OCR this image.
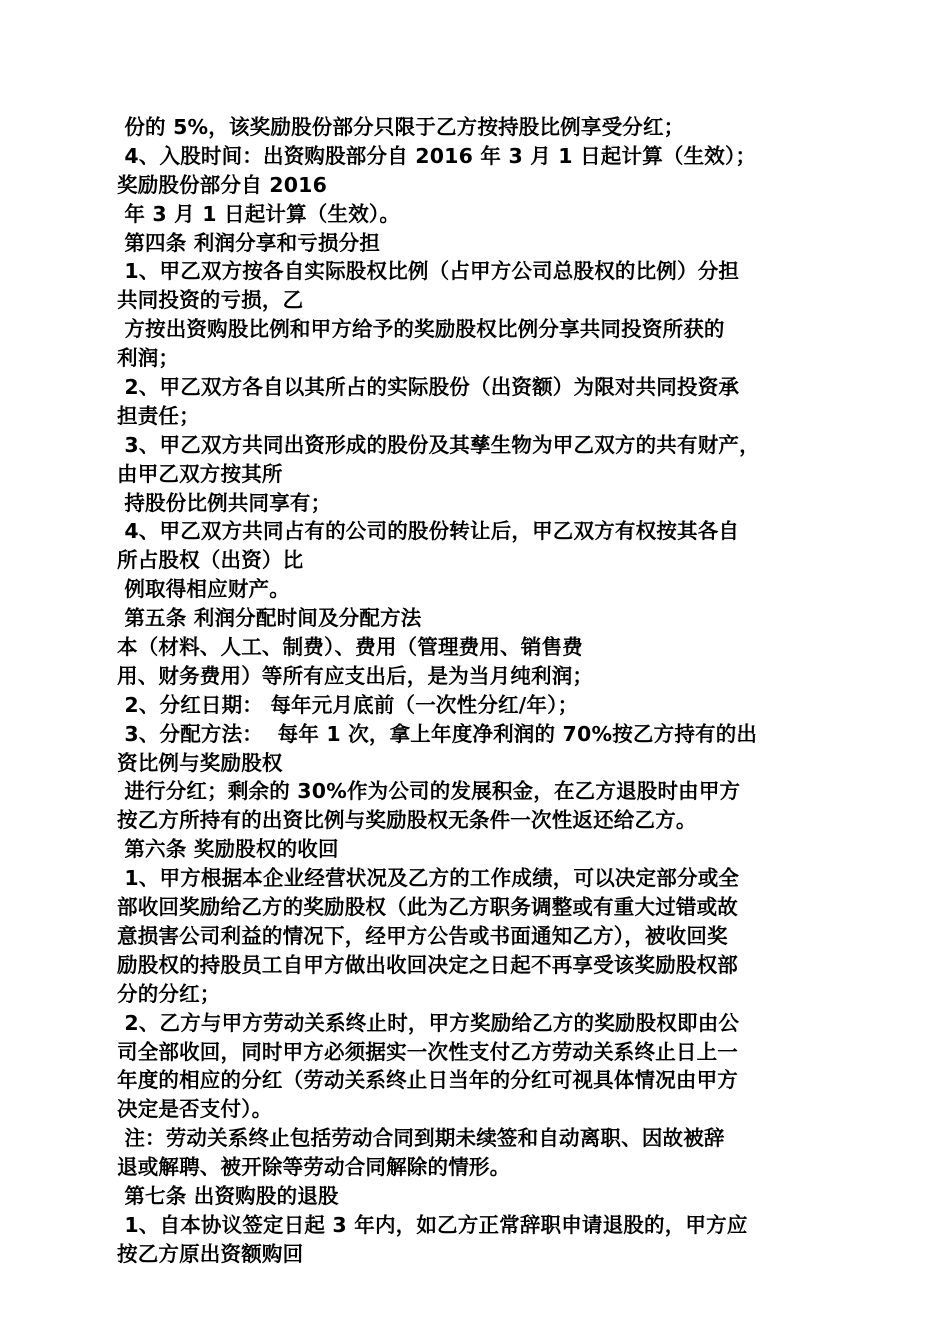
份的 5%，该奖励股份部分只限于乙方按持股比例享受分红；
4、入股时间：出资购股部分自 2016 年 3 月 1 日起计算（生效）；
奖励股份部分自 2016
年 3 月 1 日起计算（生效）。
第四条 利润分享和亏损分担
1、甲乙双方按各自实际股权比例（占甲方公司总股权的比例）分担
共同投资的亏损，乙
方按出资购股比例和甲方给予的奖励股权比例分享共同投资所获的
利润；
2、甲乙双方各自以其所占的实际股份（出资额）为限对共同投资承
担责任；
3、甲乙双方共同出资形成的股份及其孳生物为甲乙双方的共有财产，
由甲乙双方按其所
持股份比例共同享有；
4、甲乙双方共同占有的公司的股份转让后，甲乙双方有权按其各自
所占股权（出资）比
例取得相应财产。
第五条 利润分配时间及分配方法
本（材料、人工、制费）、费用（管理费用、销售费
用、财务费用）等所有应支出后，是为当月纯利润；
2、分红日期： 每年元月底前（一次性分红/年）；
3、分配方法：  每年 1 次，拿上年度净利润的 70%按乙方持有的出
资比例与奖励股权
进行分红；剩余的 30%作为公司的发展积金，在乙方退股时由甲方
按乙方所持有的出资比例与奖励股权无条件一次性返还给乙方。
第六条 奖励股权的收回
1、甲方根据本企业经营状况及乙方的工作成绩，可以决定部分或全
部收回奖励给乙方的奖励股权（此为乙方职务调整或有重大过错或故
意损害公司利益的情况下，经甲方公告或书面通知乙方），被收回奖
励股权的持股员工自甲方做出收回决定之日起不再享受该奖励股权部
分的分红；
2、乙方与甲方劳动关系终止时，甲方奖励给乙方的奖励股权即由公
司全部收回，同时甲方必须据实一次性支付乙方劳动关系终止日上一
年度的相应的分红（劳动关系终止日当年的分红可视具体情况由甲方
决定是否支付）。
注：劳动关系终止包括劳动合同到期未续签和自动离职、因故被辞
退或解聘、被开除等劳动合同解除的情形。
第七条 出资购股的退股
1、自本协议签定日起 3 年内，如乙方正常辞职申请退股的，甲方应
按乙方原出资额购回
